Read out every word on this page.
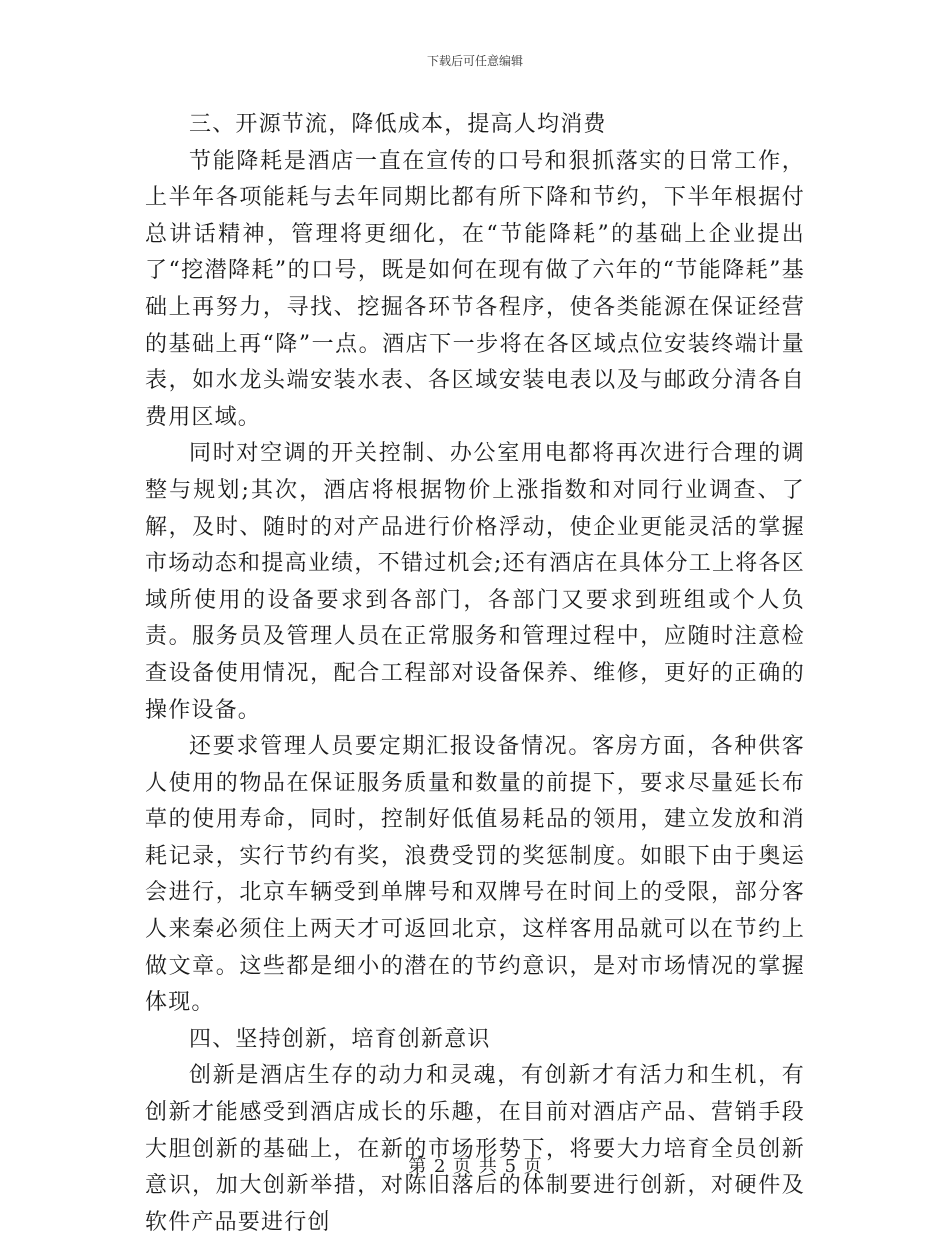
下载后可任意编辑

三、开源节流，降低成本，提高人均消费

节能降耗是酒店一直在宣传的口号和狠抓落实的日常工作，上半年各项能耗与去年同期比都有所下降和节约，下半年根据付总讲话精神，管理将更细化，在“节能降耗”的基础上企业提出了“挖潜降耗”的口号，既是如何在现有做了六年的“节能降耗”基础上再努力，寻找、挖掘各环节各程序，使各类能源在保证经营的基础上再“降”一点。酒店下一步将在各区域点位安装终端计量表，如水龙头端安装水表、各区域安装电表以及与邮政分清各自费用区域。

同时对空调的开关控制、办公室用电都将再次进行合理的调整与规划;其次，酒店将根据物价上涨指数和对同行业调查、了解，及时、随时的对产品进行价格浮动，使企业更能灵活的掌握市场动态和提高业绩，不错过机会;还有酒店在具体分工上将各区域所使用的设备要求到各部门，各部门又要求到班组或个人负责。服务员及管理人员在正常服务和管理过程中，应随时注意检查设备使用情况，配合工程部对设备保养、维修，更好的正确的操作设备。

还要求管理人员要定期汇报设备情况。客房方面，各种供客人使用的物品在保证服务质量和数量的前提下，要求尽量延长布草的使用寿命，同时，控制好低值易耗品的领用，建立发放和消耗记录，实行节约有奖，浪费受罚的奖惩制度。如眼下由于奥运会进行，北京车辆受到单牌号和双牌号在时间上的受限，部分客人来秦必须住上两天才可返回北京，这样客用品就可以在节约上做文章。这些都是细小的潜在的节约意识，是对市场情况的掌握体现。

四、坚持创新，培育创新意识

创新是酒店生存的动力和灵魂，有创新才有活力和生机，有创新才能感受到酒店成长的乐趣，在目前对酒店产品、营销手段大胆创新的基础上，在新的市场形势下，将要大力培育全员创新意识，加大创新举措，对陈旧落后的体制要进行创新，对硬件及软件产品要进行创

第 2 页 共 5 页
